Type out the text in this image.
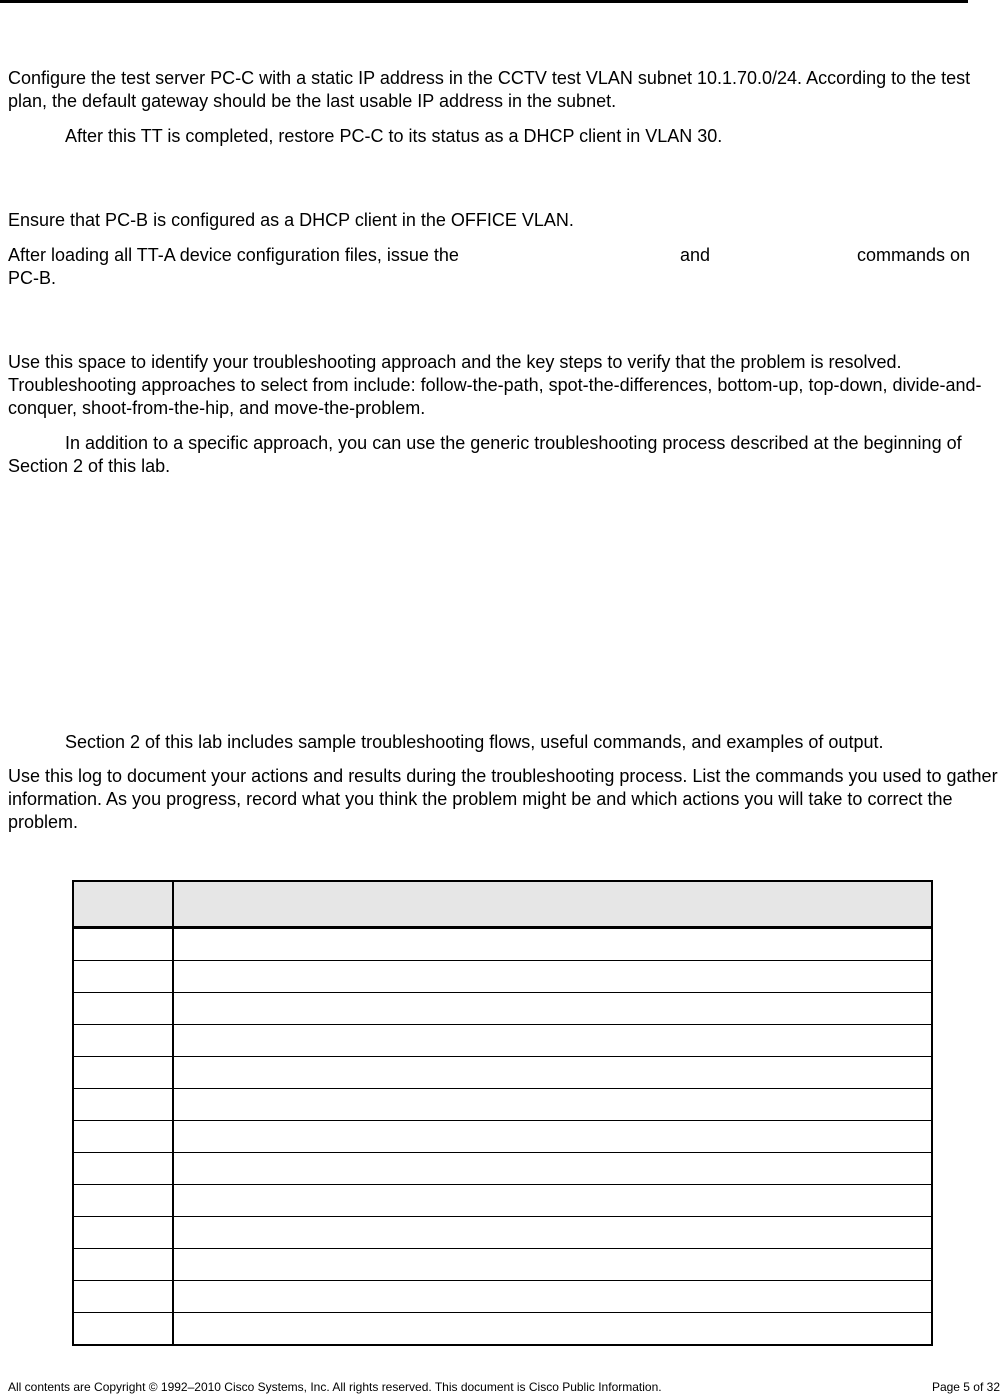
Configure the test server PC-C with a static IP address in the CCTV test VLAN subnet 10.1.70.0/24. According to the test plan, the default gateway should be the last usable IP address in the subnet.

After this TT is completed, restore PC-C to its status as a DHCP client in VLAN 30.

Ensure that PC-B is configured as a DHCP client in the OFFICE VLAN.

After loading all TT-A device configuration files, issue the	and	commands on

PC-B.

Use this space to identify your troubleshooting approach and the key steps to verify that the problem is resolved. Troubleshooting approaches to select from include: follow-the-path, spot-the-differences, bottom-up, top-down, divide-and-conquer, shoot-from-the-hip, and move-the-problem.

In addition to a specific approach, you can use the generic troubleshooting process described at the beginning of Section 2 of this lab.

Section 2 of this lab includes sample troubleshooting flows, useful commands, and examples of output.

Use this log to document your actions and results during the troubleshooting process. List the commands you used to gather information. As you progress, record what you think the problem might be and which actions you will take to correct the problem.

All contents are Copyright © 1992–2010 Cisco Systems, Inc. All rights reserved. This document is Cisco Public Information.	Page 5 of 32
